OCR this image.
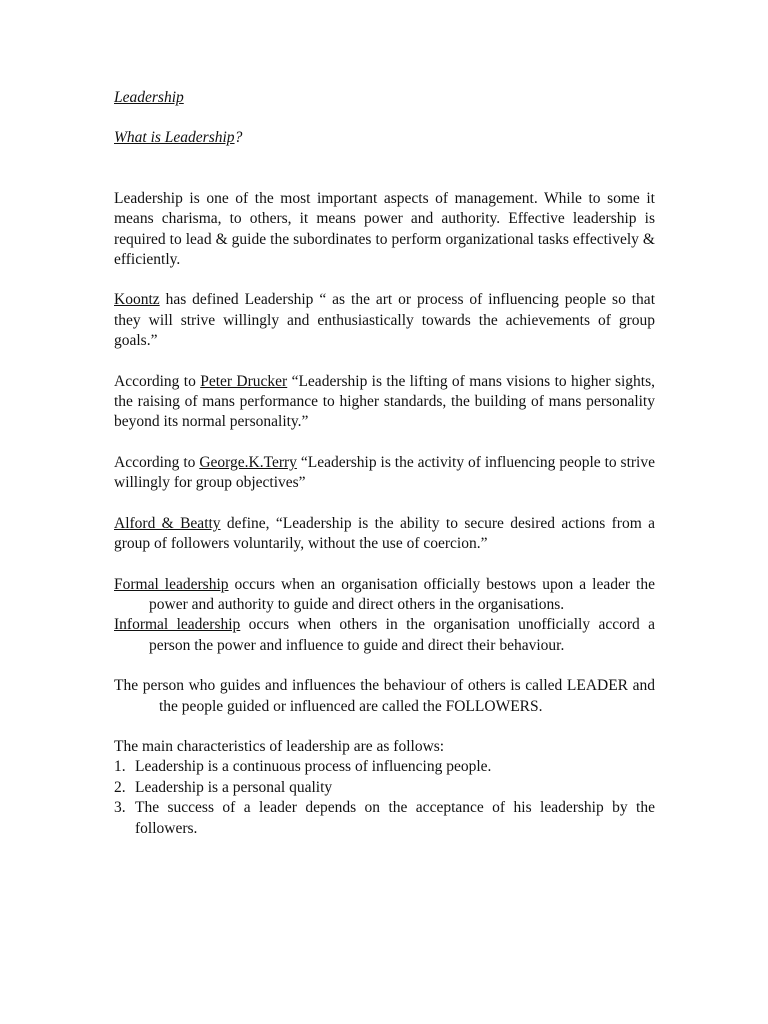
Leadership

What is Leadership?

Leadership is one of the most important aspects of management. While to some it means charisma, to others, it means power and authority. Effective leadership is required to lead & guide the subordinates to perform organizational tasks effectively & efficiently.

Koontz has defined Leadership “ as the art or process of influencing people so that they will strive willingly and enthusiastically towards the achievements of group goals.”

According to Peter Drucker “Leadership is the lifting of mans visions to higher sights, the raising of mans performance to higher standards, the building of mans personality beyond its normal personality.”

According to George.K.Terry “Leadership is the activity of influencing people to strive willingly for group objectives”

Alford & Beatty define, “Leadership is the ability to secure desired actions from a group of followers voluntarily, without the use of coercion.”

Formal leadership occurs when an organisation officially bestows upon a leader the power and authority to guide and direct others in the organisations.

Informal leadership occurs when others in the organisation unofficially accord a person the power and influence to guide and direct their behaviour.

The person who guides and influences the behaviour of others is called LEADER and the people guided or influenced are called the FOLLOWERS.

The main characteristics of leadership are as follows:

1. Leadership is a continuous process of influencing people.
2. Leadership is a personal quality
3. The success of a leader depends on the acceptance of his leadership by the followers.
